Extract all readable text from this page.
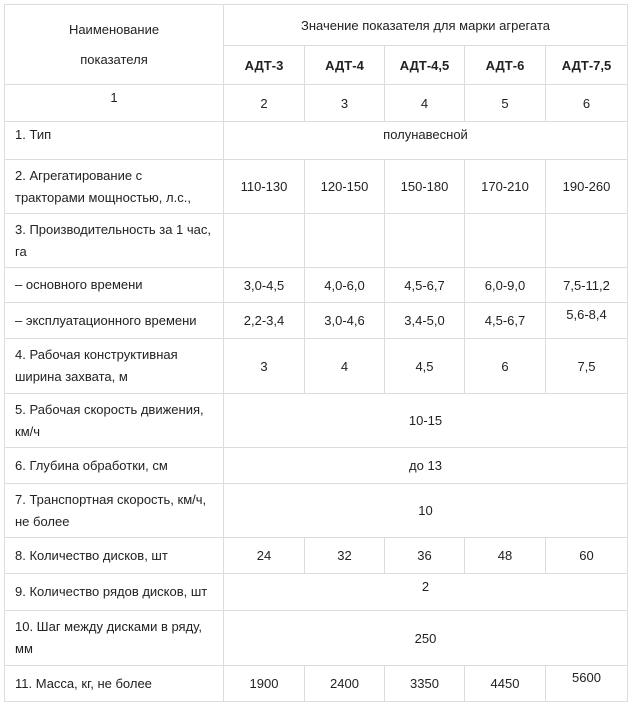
Наименование
показателя	Значение показателя для марки агрегата				
	АДТ-3	АДТ-4	АДТ-4,5	АДТ-6	АДТ-7,5
1	2	3	4	5	6
1. Тип	полунавесной				

2. Агрегатирование с
тракторами мощностью, л.с.,	110-130	120-150	150-180	170-210	190-260

3. Производительность за 1 час,
га					

– основного времени	3,0-4,5	4,0-6,0	4,5-6,7	6,0-9,0	7,5-11,2
– эксплуатационного времени	2,2-3,4	3,0-4,6	3,4-5,0	4,5-6,7	5,6-8,4

4. Рабочая конструктивная
ширина захвата, м	3	4	4,5	6	7,5

5. Рабочая скорость движения,
км/ч	10-15				
6. Глубина обработки, см	до 13				

7. Транспортная скорость, км/ч,
не более	10				
8. Количество дисков, шт	24	32	36	48	60
9. Количество рядов дисков, шт	2				

10. Шаг между дисками в ряду,
мм	250				
11. Масса, кг, не более	1900	2400	3350	4450	5600
